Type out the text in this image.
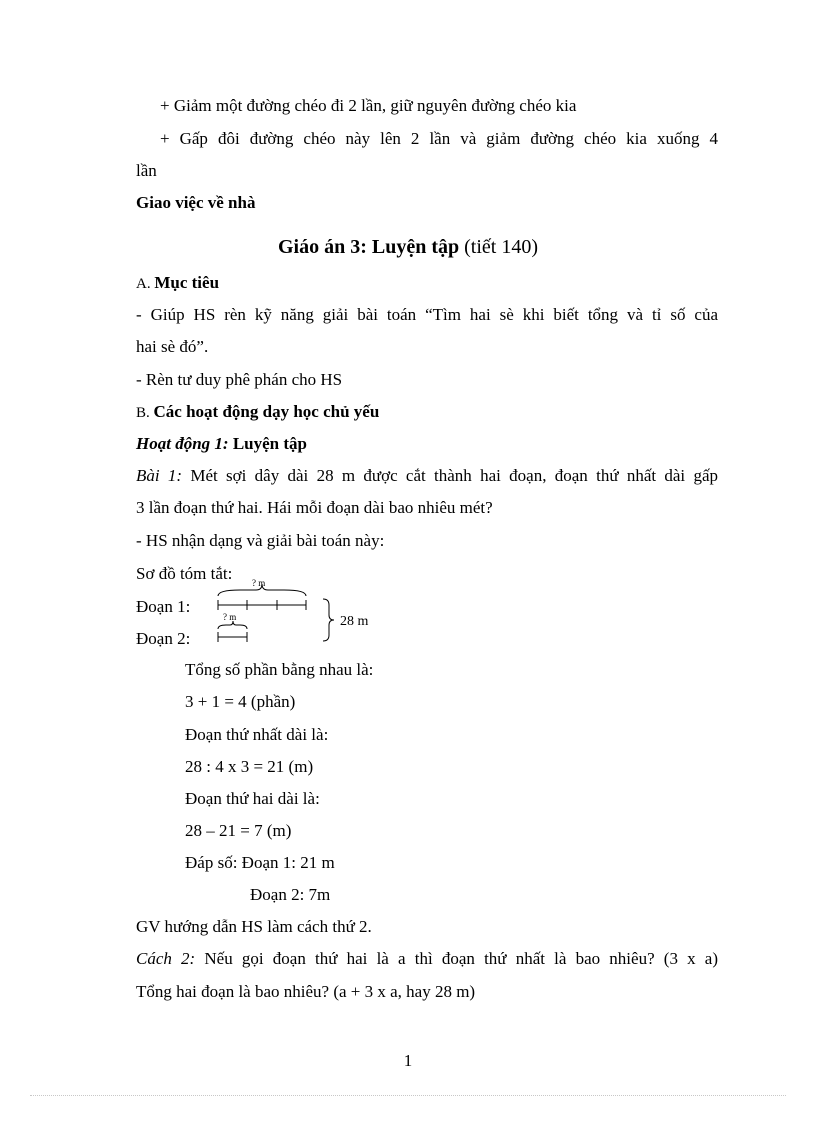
+ Giảm một đường chéo đi 2 lần, giữ nguyên đường chéo kia
+ Gấp đôi đường chéo này lên 2 lần và giảm đường chéo kia xuống 4
lần
Giao việc về nhà
Giáo án 3: Luyện tập (tiết 140)
A. Mục tiêu
- Giúp HS rèn kỹ năng giải bài toán “Tìm hai sè khi biết tổng và tỉ số của
hai sè đó”.
- Rèn tư duy phê phán cho HS
B. Các hoạt động dạy học chủ yếu
Hoạt động 1: Luyện tập
Bài 1: Mét sợi dây dài 28 m được cắt thành hai đoạn, đoạn thứ nhất dài gấp
3 lần đoạn thứ hai. Hái mỗi đoạn dài bao nhiêu mét?
- HS nhận dạng và giải bài toán này:
Sơ đồ tóm tắt:
Đoạn 1:
Đoạn 2:
? m
? m	28 m
Tổng số phần bằng nhau là:
3 + 1 = 4 (phần)
Đoạn thứ nhất dài là:
28 : 4 x 3 = 21 (m)
Đoạn thứ hai dài là:
28 – 21 = 7 (m)
Đáp số: Đoạn 1: 21 m
Đoạn 2: 7m
GV hướng dẫn HS làm cách thứ 2.
Cách 2: Nếu gọi đoạn thứ hai là a thì đoạn thứ nhất là bao nhiêu? (3 x a)
Tổng hai đoạn là bao nhiêu? (a + 3 x a, hay 28 m)
1
